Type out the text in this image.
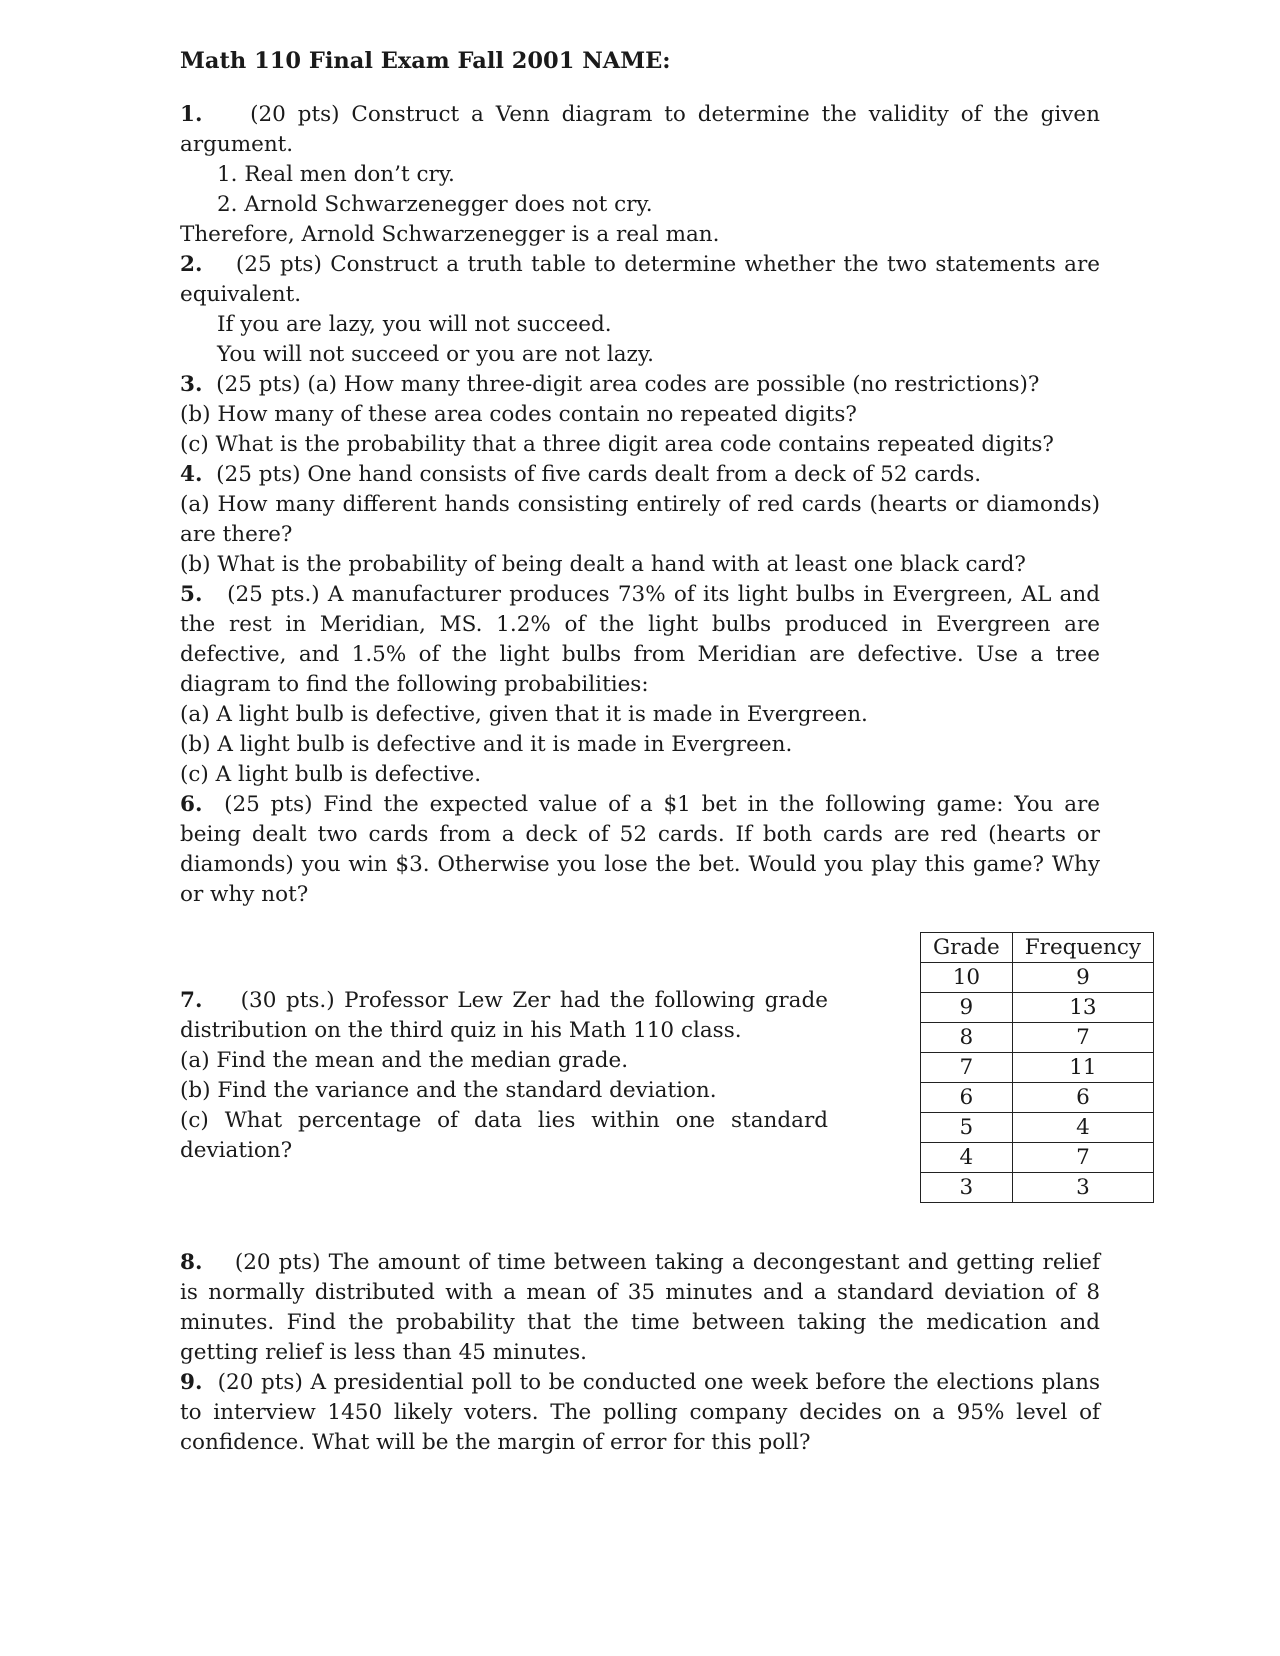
Math 110 Final Exam Fall 2001 NAME:

1. (20 pts) Construct a Venn diagram to determine the validity of the given argument.

1. Real men don’t cry.

2. Arnold Schwarzenegger does not cry.

Therefore, Arnold Schwarzenegger is a real man.

2. (25 pts) Construct a truth table to determine whether the two statements are equivalent.

If you are lazy, you will not succeed.

You will not succeed or you are not lazy.

3. (25 pts) (a) How many three-digit area codes are possible (no restrictions)?

(b) How many of these area codes contain no repeated digits?

(c) What is the probability that a three digit area code contains repeated digits?

4. (25 pts) One hand consists of five cards dealt from a deck of 52 cards.

(a) How many different hands consisting entirely of red cards (hearts or diamonds) are there?

(b) What is the probability of being dealt a hand with at least one black card?

5. (25 pts.) A manufacturer produces 73% of its light bulbs in Evergreen, AL and the rest in Meridian, MS. 1.2% of the light bulbs produced in Evergreen are defective, and 1.5% of the light bulbs from Meridian are defective. Use a tree diagram to find the following probabilities:

(a) A light bulb is defective, given that it is made in Evergreen.

(b) A light bulb is defective and it is made in Evergreen.

(c) A light bulb is defective.

6. (25 pts) Find the expected value of a $1 bet in the following game: You are being dealt two cards from a deck of 52 cards. If both cards are red (hearts or diamonds) you win $3. Otherwise you lose the bet. Would you play this game? Why or why not?

7. (30 pts.) Professor Lew Zer had the following grade distribution on the third quiz in his Math 110 class.

(a) Find the mean and the median grade.

(b) Find the variance and the standard deviation.

(c) What percentage of data lies within one standard deviation?

Grade	Frequency
10	9
9	13
8	7
7	11
6	6
5	4
4	7
3	3

8. (20 pts) The amount of time between taking a decongestant and getting relief is normally distributed with a mean of 35 minutes and a standard deviation of 8 minutes. Find the probability that the time between taking the medication and getting relief is less than 45 minutes.

9. (20 pts) A presidential poll to be conducted one week before the elections plans to interview 1450 likely voters. The polling company decides on a 95% level of confidence. What will be the margin of error for this poll?
